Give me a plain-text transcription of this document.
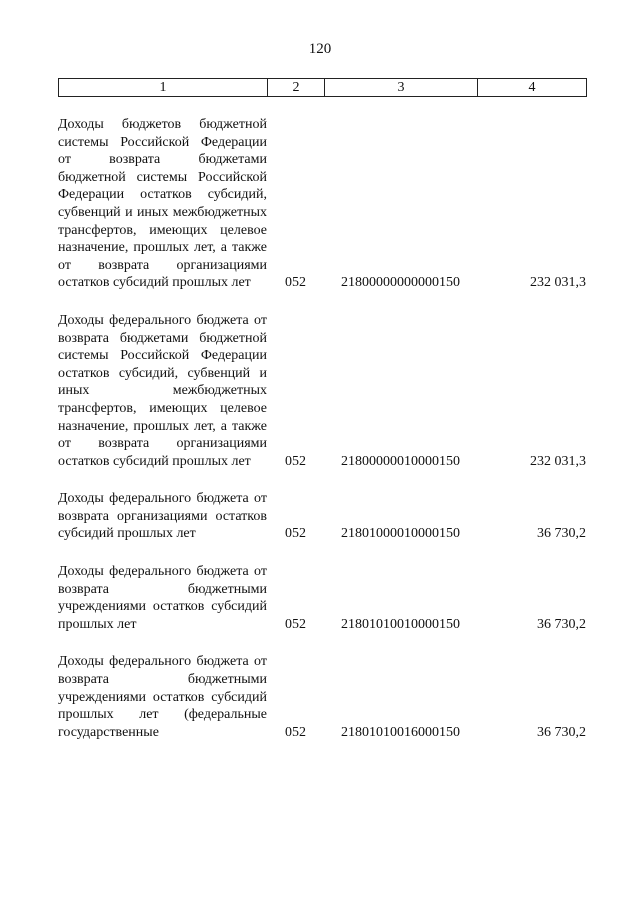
120
1	2	3	4
Доходы бюджетов бюджетной системы Российской Федерации от возврата бюджетами бюджетной системы Российской Федерации остатков субсидий, субвенций и иных межбюджетных трансфертов, имеющих целевое назначение, прошлых лет, а также от возврата организациями остатков субсидий прошлых лет	052	21800000000000150	232 031,3
Доходы федерального бюджета от возврата бюджетами бюджетной системы Российской Федерации остатков субсидий, субвенций и иных межбюджетных трансфертов, имеющих целевое назначение, прошлых лет, а также от возврата организациями остатков субсидий прошлых лет	052	21800000010000150	232 031,3
Доходы федерального бюджета от возврата организациями остатков субсидий прошлых лет	052	21801000010000150	36 730,2
Доходы федерального бюджета от возврата бюджетными учреждениями остатков субсидий прошлых лет	052	21801010010000150	36 730,2
Доходы федерального бюджета от возврата бюджетными учреждениями остатков субсидий прошлых лет (федеральные государственные	052	21801010016000150	36 730,2
